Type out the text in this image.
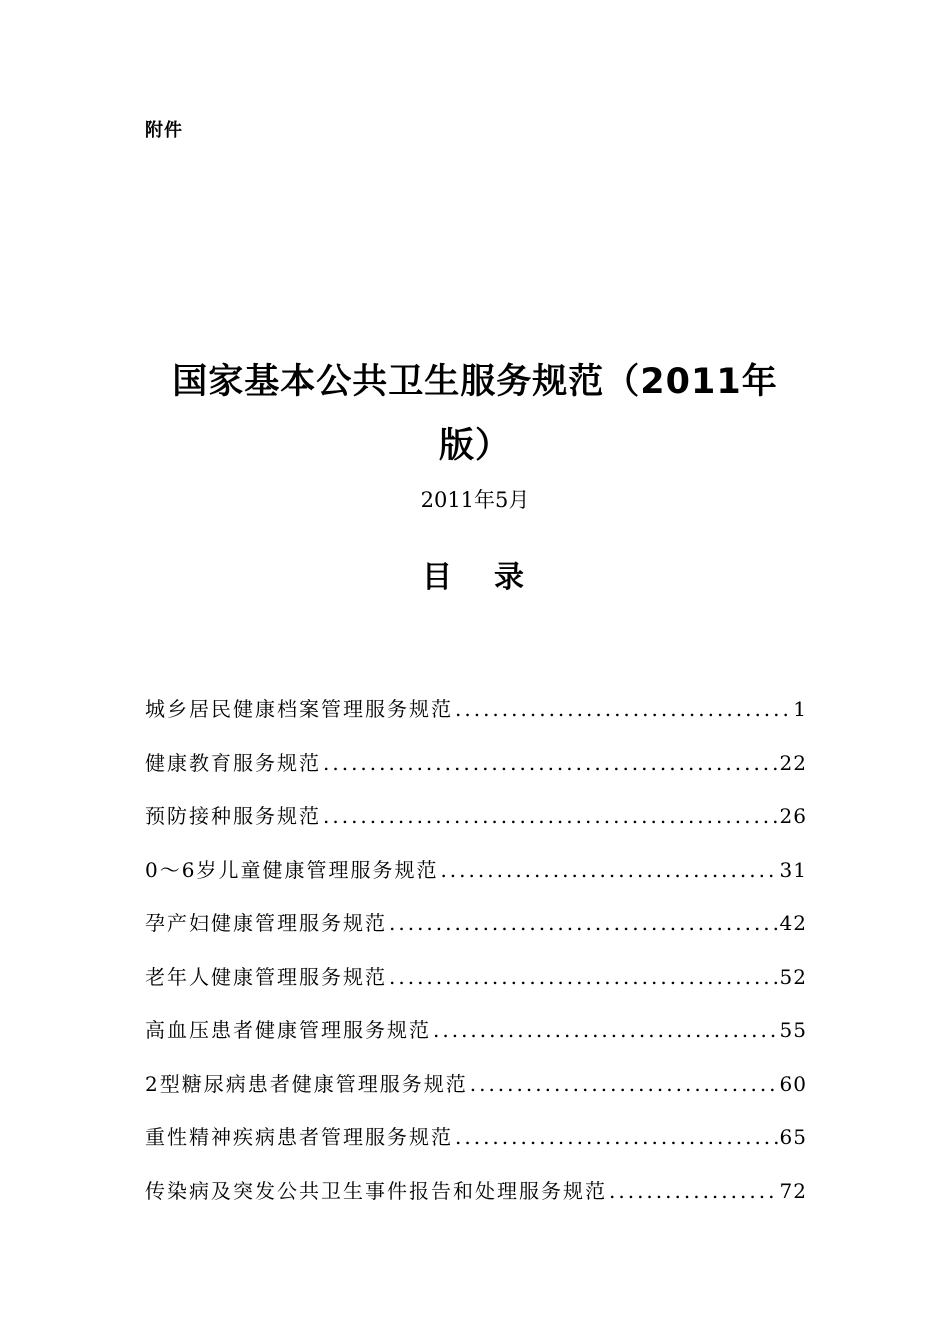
附件
国家基本公共卫生服务规范（2011年
版）
2011年5月
目 录
城乡居民健康档案管理服务规范 .....	1
健康教育服务规范 .....	22
预防接种服务规范 .....	26
0～6岁儿童健康管理服务规范 .....	31
孕产妇健康管理服务规范 .....	42
老年人健康管理服务规范 .....	52
高血压患者健康管理服务规范 .....	55
2型糖尿病患者健康管理服务规范 .....	60
重性精神疾病患者管理服务规范 .....	65
传染病及突发公共卫生事件报告和处理服务规范 .....	72
